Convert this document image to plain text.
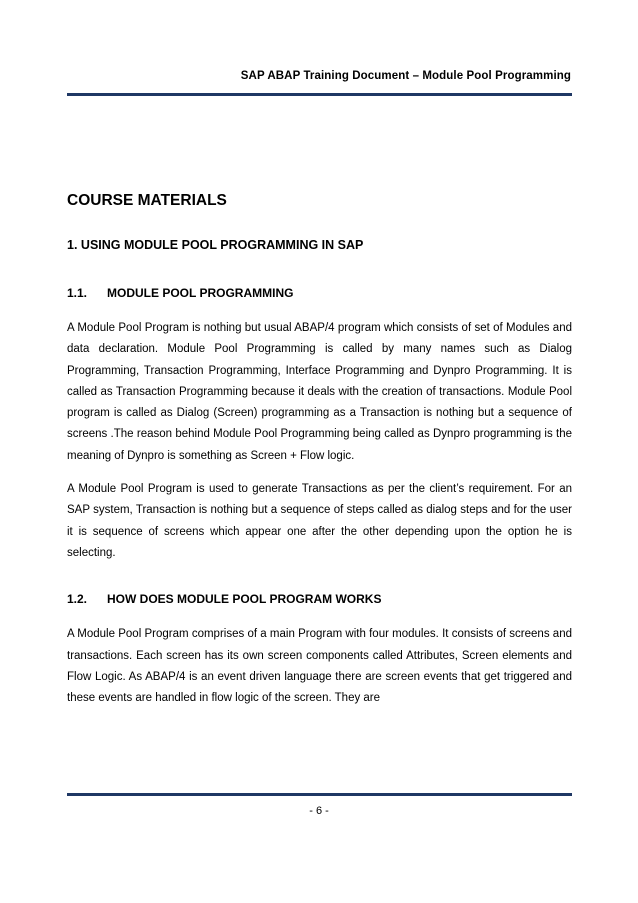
SAP ABAP Training Document – Module Pool Programming
COURSE MATERIALS
1. USING MODULE POOL PROGRAMMING IN SAP
1.1.	MODULE POOL PROGRAMMING

A Module Pool Program is nothing but usual ABAP/4 program which consists of set of Modules and data declaration. Module Pool Programming is called by many names such as Dialog Programming, Transaction Programming, Interface Programming and Dynpro Programming. It is called as Transaction Programming because it deals with the creation of transactions. Module Pool program is called as Dialog (Screen) programming as a Transaction is nothing but a sequence of screens .The reason behind Module Pool Programming being called as Dynpro programming is the meaning of Dynpro is something as Screen + Flow logic.

A Module Pool Program is used to generate Transactions as per the client’s requirement. For an SAP system, Transaction is nothing but a sequence of steps called as dialog steps and for the user it is sequence of screens which appear one after the other depending upon the option he is selecting.

1.2.	HOW DOES MODULE POOL PROGRAM WORKS

A Module Pool Program comprises of a main Program with four modules. It consists of screens and transactions. Each screen has its own screen components called Attributes, Screen elements and Flow Logic. As ABAP/4 is an event driven language there are screen events that get triggered and these events are handled in flow logic of the screen. They are

- 6 -
